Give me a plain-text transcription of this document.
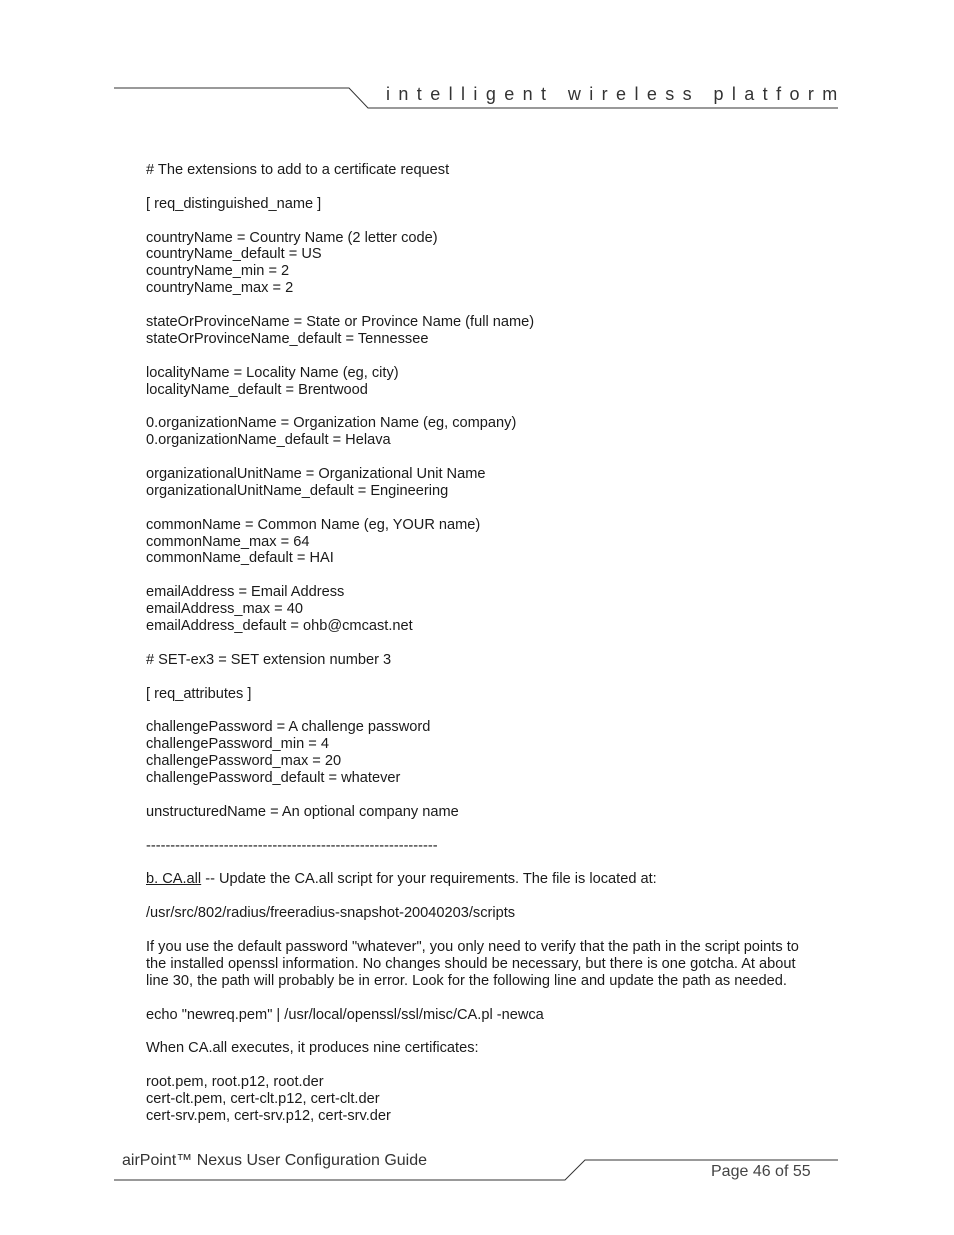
intelligent wireless platform
# The extensions to add to a certificate request
[ req_distinguished_name ]
countryName = Country Name (2 letter code)
countryName_default = US
countryName_min = 2
countryName_max = 2
stateOrProvinceName = State or Province Name (full name)
stateOrProvinceName_default = Tennessee
localityName = Locality Name (eg, city)
localityName_default = Brentwood
0.organizationName = Organization Name (eg, company)
0.organizationName_default = Helava
organizationalUnitName = Organizational Unit Name
organizationalUnitName_default = Engineering
commonName = Common Name (eg, YOUR name)
commonName_max = 64
commonName_default = HAI
emailAddress = Email Address
emailAddress_max = 40
emailAddress_default = ohb@cmcast.net
# SET-ex3 = SET extension number 3
[ req_attributes ]
challengePassword = A challenge password
challengePassword_min = 4
challengePassword_max = 20
challengePassword_default = whatever
unstructuredName = An optional company name
------------------------------------------------------------
b. CA.all -- Update the CA.all script for your requirements. The file is located at:
/usr/src/802/radius/freeradius-snapshot-20040203/scripts
If you use the default password "whatever", you only need to verify that the path in the script points to the installed openssl information. No changes should be necessary, but there is one gotcha. At about line 30, the path will probably be in error. Look for the following line and update the path as needed.
echo "newreq.pem" | /usr/local/openssl/ssl/misc/CA.pl -newca
When CA.all executes, it produces nine certificates:
root.pem, root.p12, root.der
cert-clt.pem, cert-clt.p12, cert-clt.der
cert-srv.pem, cert-srv.p12, cert-srv.der
airPoint™ Nexus User Configuration Guide
Page 46 of 55
